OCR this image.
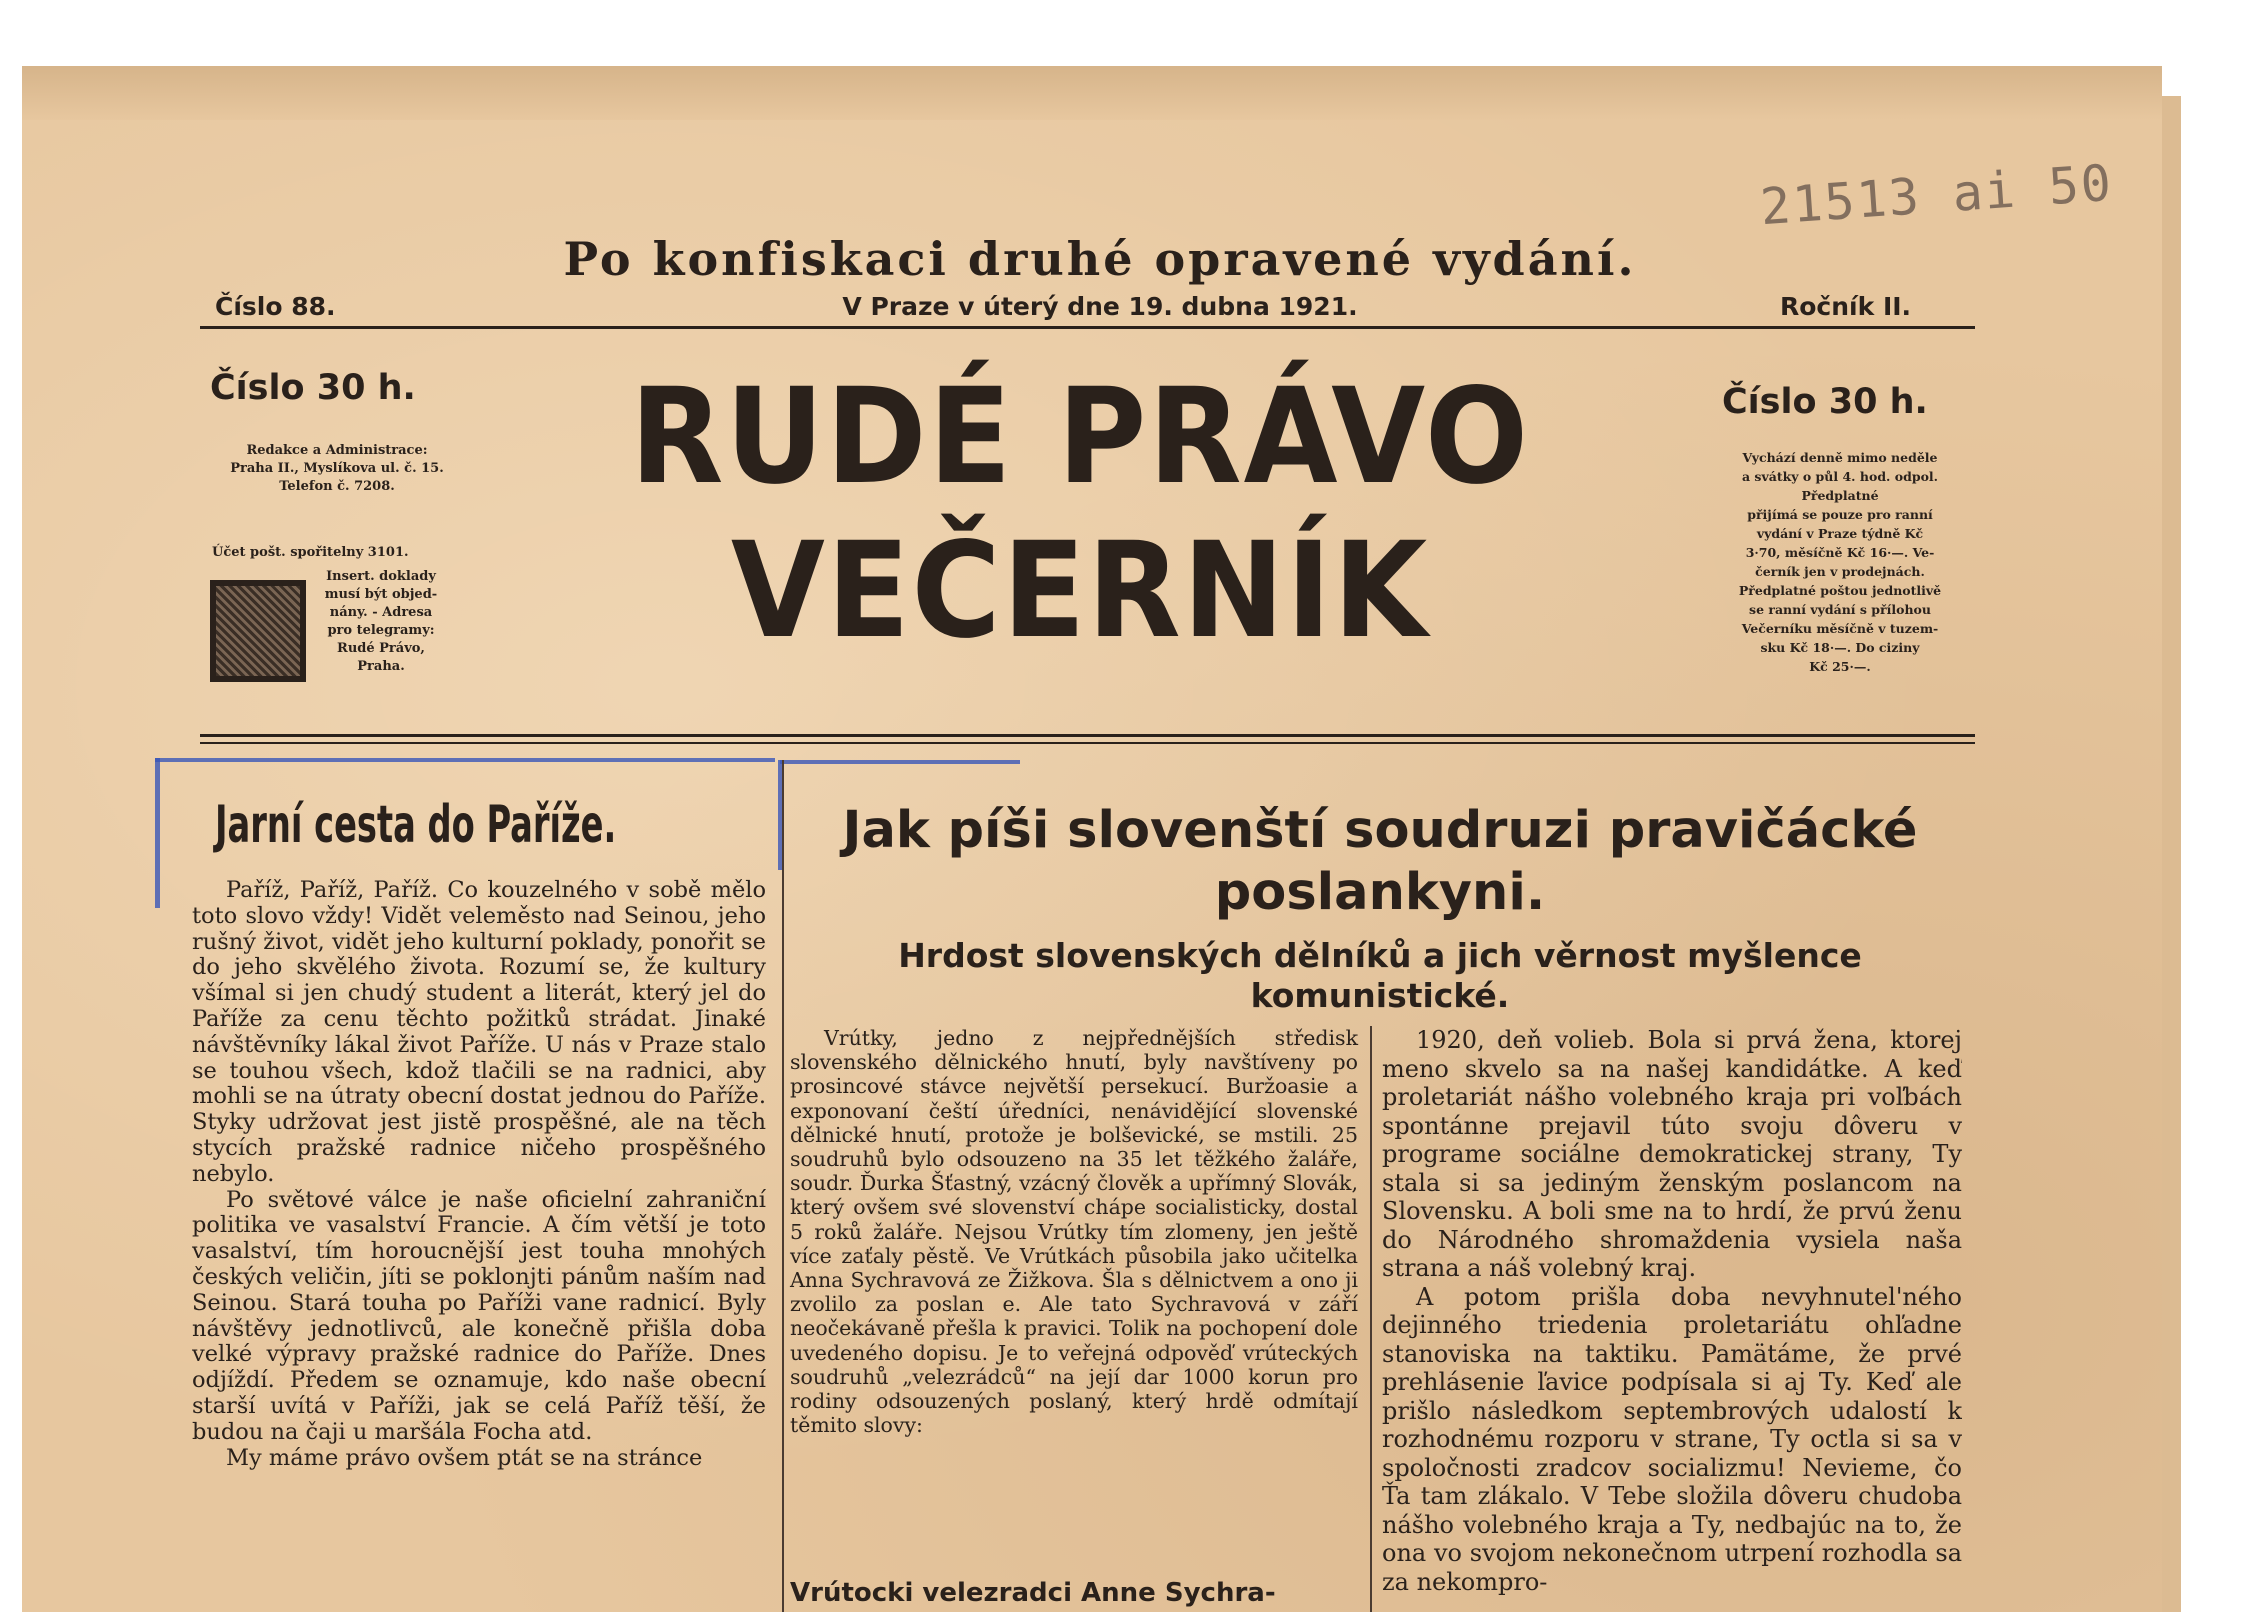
21513 ai 50
Po konfiskaci druhé opravené vydání.
Číslo 88.	V Praze v úterý dne 19. dubna 1921.	Ročník II.
Číslo 30 h.
Redakce a Administrace:
Praha II., Myslíkova ul. č. 15.
Telefon č. 7208.
Účet pošt. spořitelny 3101.
Insert. doklady
musí být objed-
nány. - Adresa
pro telegramy:
Rudé Právo,
Praha.
RUDÉ PRÁVO
VEČERNÍK
Číslo 30 h.
Vychází denně mimo neděle
a svátky o půl 4. hod. odpol.
Předplatné
přijímá se pouze pro ranní
vydání v Praze týdně Kč
3·70, měsíčně Kč 16·—. Ve-
černík jen v prodejnách.
Předplatné poštou jednotlivě
se ranní vydání s přílohou
Večerníku měsíčně v tuzem-
sku Kč 18·—. Do ciziny
Kč 25·—.
Jarní cesta do Paříže.

Paříž, Paříž, Paříž. Co kouzelného v sobě mělo toto slovo vždy! Vidět veleměsto nad Seinou, jeho rušný život, vidět jeho kulturní poklady, ponořit se do jeho skvělého života. Rozumí se, že kultury všímal si jen chudý student a literát, který jel do Paříže za cenu těchto požitků strádat. Jinaké návštěvníky lákal život Paříže. U nás v Praze stalo se touhou všech, kdož tlačili se na radnici, aby mohli se na útraty obecní dostat jednou do Paříže. Styky udržovat jest jistě prospěšné, ale na těch stycích pražské radnice ničeho prospěšného nebylo.

Po světové válce je naše oficielní zahraniční politika ve vasalství Francie. A čím větší je toto vasalství, tím horoucnější jest touha mnohých českých veličin, jíti se poklonjti pánům naším nad Seinou. Stará touha po Paříži vane radnicí. Byly návštěvy jednotlivců, ale konečně přišla doba velké výpravy pražské radnice do Paříže. Dnes odjíždí. Předem se oznamuje, kdo naše obecní starší uvítá v Paříži, jak se celá Paříž těší, že budou na čaji u maršála Focha atd.

My máme právo ovšem ptát se na stránce

Jak píši slovenští soudruzi pravičácké poslankyni.
Hrdost slovenských dělníků a jich věrnost myšlence komunistické.

Vrútky, jedno z nejpřednějších středisk slovenského dělnického hnutí, byly navštíveny po prosincové stávce největší persekucí. Buržoasie a exponovaní čeští úředníci, nenávidějící slovenské dělnické hnutí, protože je bolševické, se mstili. 25 soudruhů bylo odsouzeno na 35 let těžkého žaláře, soudr. Ďurka Šťastný, vzácný člověk a upřímný Slovák, který ovšem své slovenství chápe socialisticky, dostal 5 roků žaláře. Nejsou Vrútky tím zlomeny, jen ještě více zaťaly pěstě. Ve Vrútkách působila jako učitelka Anna Sychravová ze Žižkova. Šla s dělnictvem a ono ji zvolilo za poslan e. Ale tato Sychravová v září neočekávaně přešla k pravici. Tolik na pochopení dole uvedeného dopisu. Je to veřejná odpověď vrúteckých soudruhů „velezrádců“ na její dar 1000 korun pro rodiny odsouzených poslaný, který hrdě odmítají těmito slovy:

Vrútocki velezradci Anne Sychra-

1920, deň volieb. Bola si prvá žena, ktorej meno skvelo sa na našej kandidátke. A keď proletariát nášho volebného kraja pri voľbách spontánne prejavil túto svoju dôveru v programe sociálne demokratickej strany, Ty stala si sa jediným ženským poslancom na Slovensku. A boli sme na to hrdí, že prvú ženu do Národného shromaždenia vysiela naša strana a náš volebný kraj.

A potom prišla doba nevyhnutel'ného dejinného triedenia proletariátu ohľadne stanoviska na taktiku. Pamätáme, že prvé prehlásenie ľavice podpísala si aj Ty. Keď ale prišlo následkom septembrových udalostí k rozhodnému rozporu v strane, Ty octla si sa v spoločnosti zradcov socializmu! Nevieme, čo Ťa tam zlákalo. V Tebe složila dôveru chudoba nášho volebného kraja a Ty, nedbajúc na to, že ona vo svojom nekonečnom utrpení rozhodla sa za nekompro-
